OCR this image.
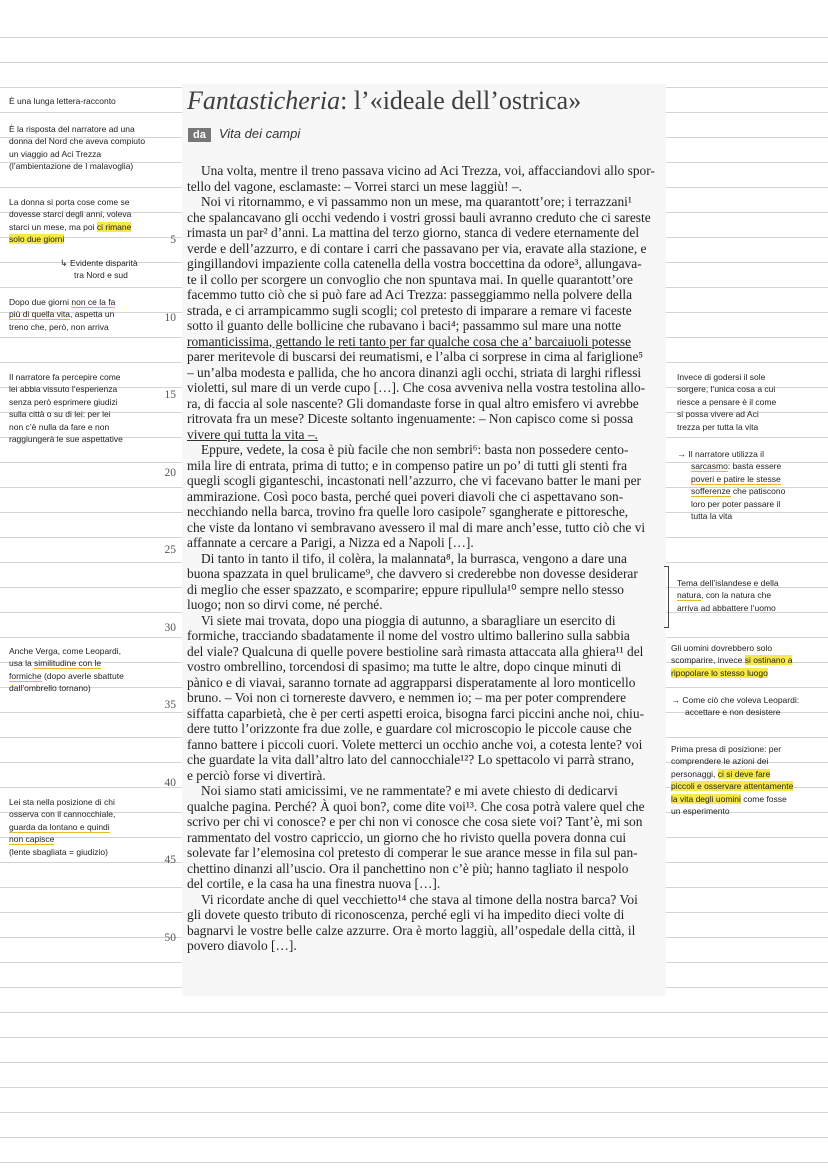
Fantasticheria: l’«ideale dell’ostrica»
da Vita dei campi
5
10
15
20
25
30
35
40
45
50
Una volta, mentre il treno passava vicino ad Aci Trezza, voi, affacciandovi allo spor-
tello del vagone, esclamaste: – Vorrei starci un mese laggiù! –.
Noi vi ritornammo, e vi passammo non un mese, ma quarantott’ore; i terrazzani¹
che spalancavano gli occhi vedendo i vostri grossi bauli avranno creduto che ci sareste
rimasta un par² d’anni. La mattina del terzo giorno, stanca di vedere eternamente del
verde e dell’azzurro, e di contare i carri che passavano per via, eravate alla stazione, e
gingillandovi impaziente colla catenella della vostra boccettina da odore³, allungava-
te il collo per scorgere un convoglio che non spuntava mai. In quelle quarantott’ore
facemmo tutto ciò che si può fare ad Aci Trezza: passeggiammo nella polvere della
strada, e ci arrampicammo sugli scogli; col pretesto di imparare a remare vi faceste
sotto il guanto delle bollicine che rubavano i baci⁴; passammo sul mare una notte
romanticissima, gettando le reti tanto per far qualche cosa che a’ barcaiuoli potesse
parer meritevole di buscarsi dei reumatismi, e l’alba ci sorprese in cima al fariglione⁵
– un’alba modesta e pallida, che ho ancora dinanzi agli occhi, striata di larghi riflessi
violetti, sul mare di un verde cupo […]. Che cosa avveniva nella vostra testolina allo-
ra, di faccia al sole nascente? Gli domandaste forse in qual altro emisfero vi avrebbe
ritrovata fra un mese? Diceste soltanto ingenuamente: – Non capisco come si possa
vivere qui tutta la vita –.
Eppure, vedete, la cosa è più facile che non sembri⁶: basta non possedere cento-
mila lire di entrata, prima di tutto; e in compenso patire un po’ di tutti gli stenti fra
quegli scogli giganteschi, incastonati nell’azzurro, che vi facevano batter le mani per
ammirazione. Così poco basta, perché quei poveri diavoli che ci aspettavano son-
necchiando nella barca, trovino fra quelle loro casipole⁷ sgangherate e pittoresche,
che viste da lontano vi sembravano avessero il mal di mare anch’esse, tutto ciò che vi
affannate a cercare a Parigi, a Nizza ed a Napoli […].
Di tanto in tanto il tifo, il colèra, la malannata⁸, la burrasca, vengono a dare una
buona spazzata in quel brulicame⁹, che davvero si crederebbe non dovesse desiderar
di meglio che esser spazzato, e scomparire; eppure ripullula¹⁰ sempre nello stesso
luogo; non so dirvi come, né perché.
Vi siete mai trovata, dopo una pioggia di autunno, a sbaragliare un esercito di
formiche, tracciando sbadatamente il nome del vostro ultimo ballerino sulla sabbia
del viale? Qualcuna di quelle povere bestioline sarà rimasta attaccata alla ghiera¹¹ del
vostro ombrellino, torcendosi di spasimo; ma tutte le altre, dopo cinque minuti di
pànico e di viavai, saranno tornate ad aggrapparsi disperatamente al loro monticello
bruno. – Voi non ci tornereste davvero, e nemmen io; – ma per poter comprendere
siffatta caparbietà, che è per certi aspetti eroica, bisogna farci piccini anche noi, chiu-
dere tutto l’orizzonte fra due zolle, e guardare col microscopio le piccole cause che
fanno battere i piccoli cuori. Volete metterci un occhio anche voi, a cotesta lente? voi
che guardate la vita dall’altro lato del cannocchiale¹²? Lo spettacolo vi parrà strano,
e perciò forse vi divertirà.
Noi siamo stati amicissimi, ve ne rammentate? e mi avete chiesto di dedicarvi
qualche pagina. Perché? À quoi bon?, come dite voi¹³. Che cosa potrà valere quel che
scrivo per chi vi conosce? e per chi non vi conosce che cosa siete voi? Tant’è, mi son
rammentato del vostro capriccio, un giorno che ho rivisto quella povera donna cui
solevate far l’elemosina col pretesto di comperar le sue arance messe in fila sul pan-
chettino dinanzi all’uscio. Ora il panchettino non c’è più; hanno tagliato il nespolo
del cortile, e la casa ha una finestra nuova […].
Vi ricordate anche di quel vecchietto¹⁴ che stava al timone della nostra barca? Voi
gli dovete questo tributo di riconoscenza, perché egli vi ha impedito dieci volte di
bagnarvi le vostre belle calze azzurre. Ora è morto laggiù, all’ospedale della città, il
povero diavolo […].
È una lunga lettera-racconto
È la risposta del narratore ad una
donna del Nord che aveva compiuto
un viaggio ad Aci Trezza
(l’ambientazione de I malavoglia)
La donna si porta cose come se
dovesse starci degli anni, voleva
starci un mese, ma poi ci rimane
solo due giorni
↳ Evidente disparità
tra Nord e sud
Dopo due giorni non ce la fa
più di quella vita, aspetta un
treno che, però, non arriva
Il narratore fa percepire come
lei abbia vissuto l’esperienza
senza però esprimere giudizi
sulla città o su di lei: per lei
non c’è nulla da fare e non
raggiungerà le sue aspettative
Anche Verga, come Leopardi,
usa la similitudine con le
formiche (dopo averle sbattute
dall’ombrello tornano)
Lei sta nella posizione di chi
osserva con il cannocchiale,
guarda da lontano e quindi
non capisce
(lente sbagliata = giudizio)
Invece di godersi il sole
sorgere, l’unica cosa a cui
riesce a pensare è il come
si possa vivere ad Aci
trezza per tutta la vita
→ Il narratore utilizza il
sarcasmo: basta essere
poveri e patire le stesse
sofferenze che patiscono
loro per poter passare il
tutta la vita
Tema dell’islandese e della
natura, con la natura che
arriva ad abbattere l’uomo
Gli uomini dovrebbero solo
scomparire, invece si ostinano a
ripopolare lo stesso luogo
→ Come ciò che voleva Leopardi:
accettare e non desistere
Prima presa di posizione: per
comprendere le azioni dei
personaggi, ci si deve fare
piccoli e osservare attentamente
la vita degli uomini come fosse
un esperimento
